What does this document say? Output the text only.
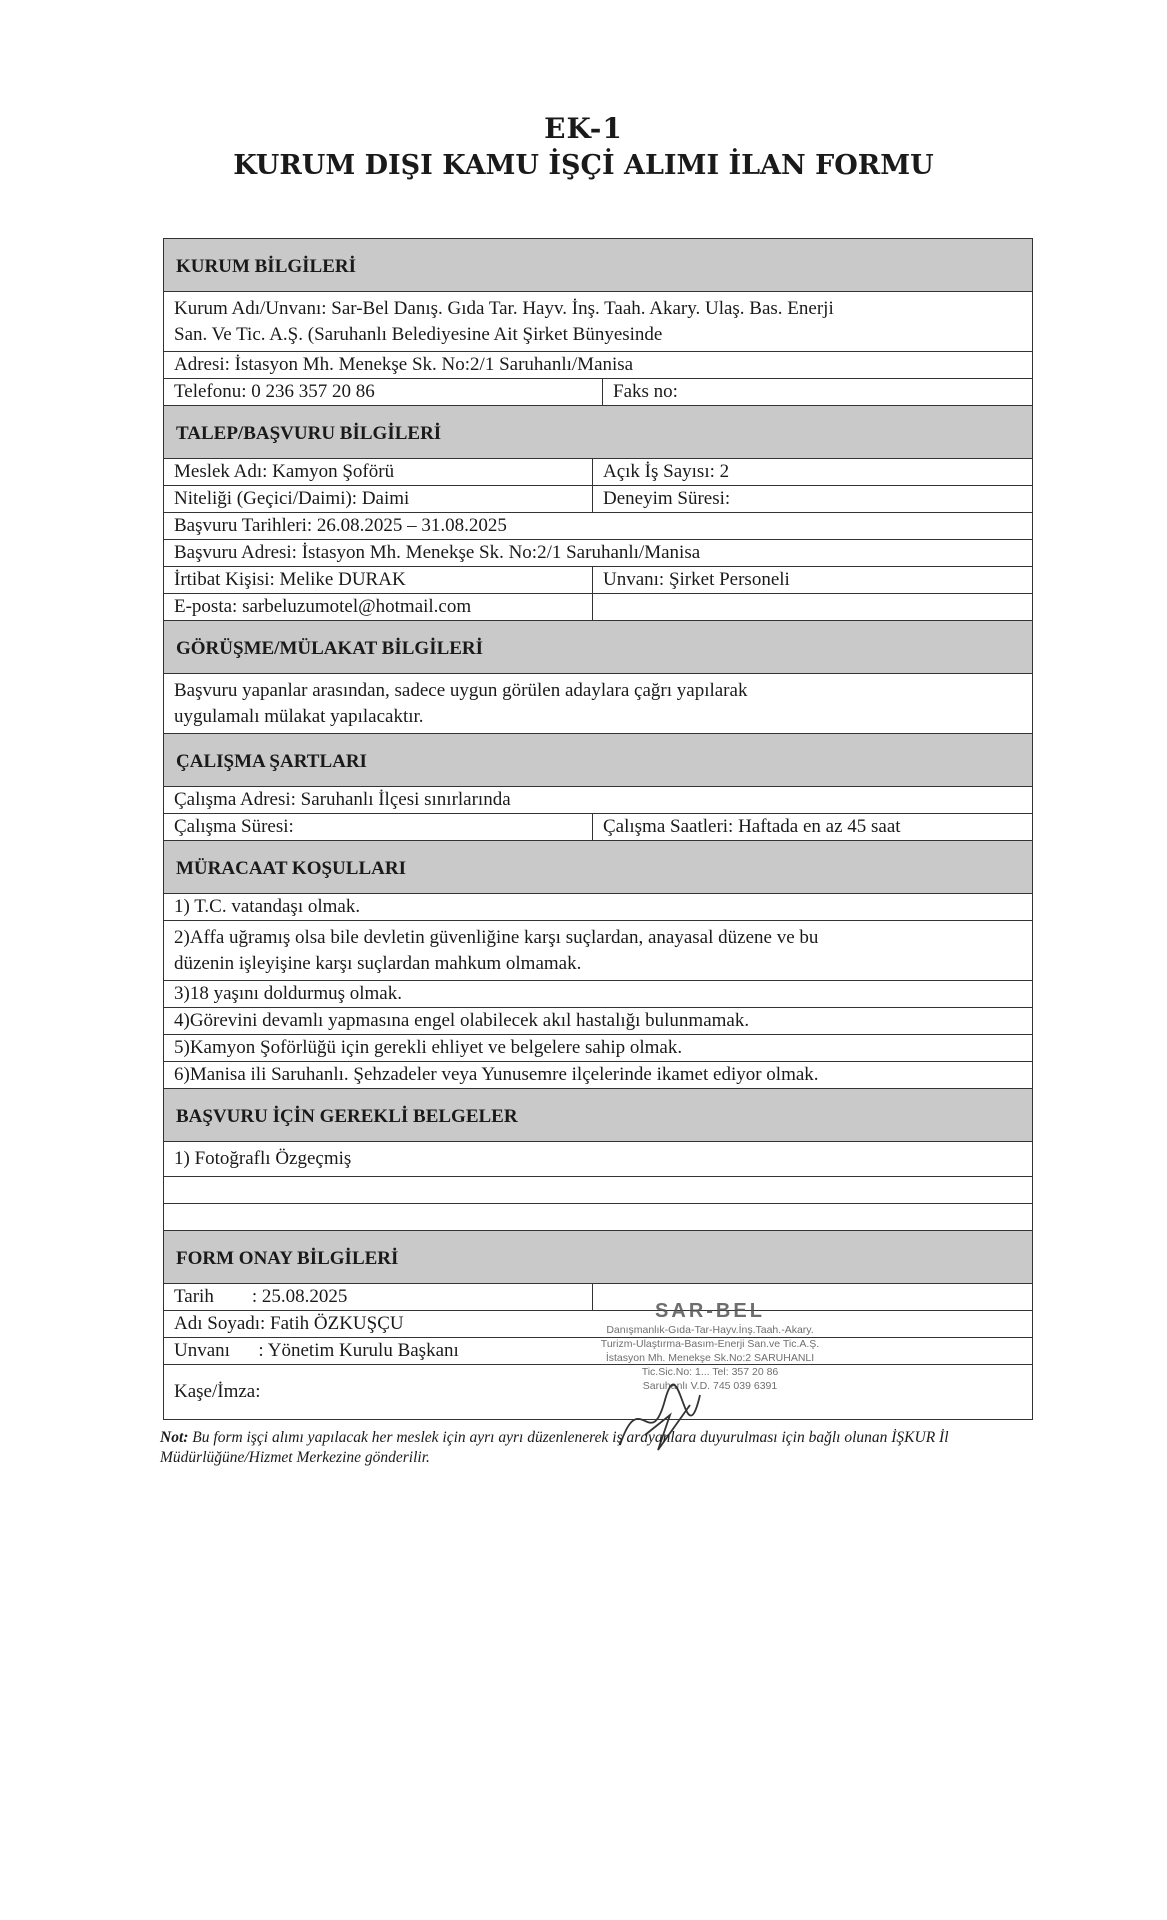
EK-1
KURUM DIŞI KAMU İŞÇİ ALIMI İLAN FORMU
KURUM BİLGİLERİ
Kurum Adı/Unvanı: Sar-Bel Danış. Gıda Tar. Hayv. İnş. Taah. Akary. Ulaş. Bas. Enerji
San. Ve Tic. A.Ş. (Saruhanlı Belediyesine Ait Şirket Bünyesinde
Adresi: İstasyon Mh. Menekşe Sk. No:2/1 Saruhanlı/Manisa
Telefonu: 0 236 357 20 86	Faks no:
TALEP/BAŞVURU BİLGİLERİ
Meslek Adı: Kamyon Şoförü	Açık İş Sayısı: 2
Niteliği (Geçici/Daimi): Daimi	Deneyim Süresi:
Başvuru Tarihleri: 26.08.2025 – 31.08.2025
Başvuru Adresi: İstasyon Mh. Menekşe Sk. No:2/1 Saruhanlı/Manisa
İrtibat Kişisi: Melike DURAK	Unvanı: Şirket Personeli
E-posta: sarbeluzumotel@hotmail.com
GÖRÜŞME/MÜLAKAT BİLGİLERİ
Başvuru yapanlar arasından, sadece uygun görülen adaylara çağrı yapılarak
uygulamalı mülakat yapılacaktır.
ÇALIŞMA ŞARTLARI
Çalışma Adresi: Saruhanlı İlçesi sınırlarında
Çalışma Süresi:	Çalışma Saatleri: Haftada en az 45 saat
MÜRACAAT KOŞULLARI
1) T.C. vatandaşı olmak.
2)Affa uğramış olsa bile devletin güvenliğine karşı suçlardan, anayasal düzene ve bu
düzenin işleyişine karşı suçlardan mahkum olmamak.
3)18 yaşını doldurmuş olmak.
4)Görevini devamlı yapmasına engel olabilecek akıl hastalığı bulunmamak.
5)Kamyon Şoförlüğü için gerekli ehliyet ve belgelere sahip olmak.
6)Manisa ili Saruhanlı. Şehzadeler veya Yunusemre ilçelerinde ikamet ediyor olmak.
BAŞVURU İÇİN GEREKLİ BELGELER
1) Fotoğraflı Özgeçmiş
FORM ONAY BİLGİLERİ
Tarih        : 25.08.2025
Adı Soyadı: Fatih ÖZKUŞÇU
Unvanı      : Yönetim Kurulu Başkanı
Kaşe/İmza:
SAR-BEL
Danışmanlık-Gıda-Tar-Hayv.İnş.Taah.-Akary.
Turizm-Ulaştırma-Basım-Enerji San.ve Tic.A.Ş.
İstasyon Mh. Menekşe Sk.No:2 SARUHANLI
Tic.Sic.No: 1... Tel: 357 20 86
Saruhanlı V.D. 745 039 6391
Not: Bu form işçi alımı yapılacak her meslek için ayrı ayrı düzenlenerek iş arayanlara duyurulması için bağlı olunan İŞKUR İl Müdürlüğüne/Hizmet Merkezine gönderilir.
